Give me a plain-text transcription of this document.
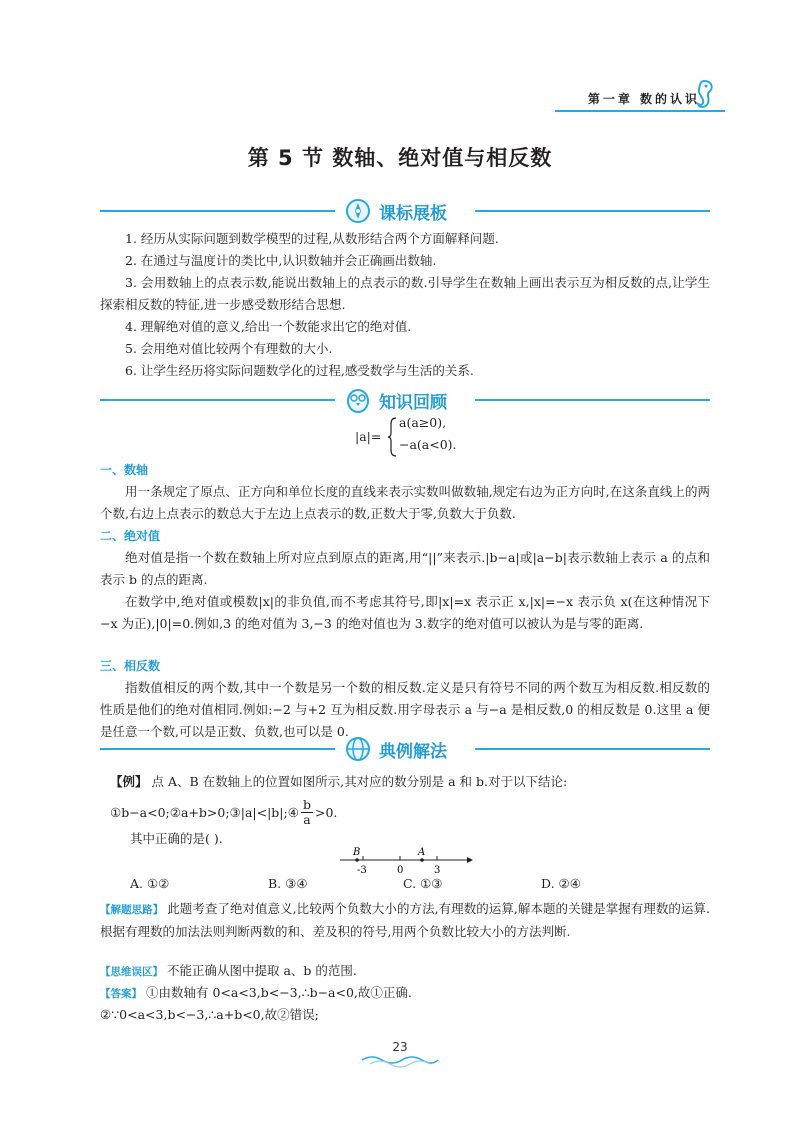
第一章 数的认识
第 5 节 数轴、绝对值与相反数
课标展板
1. 经历从实际问题到数学模型的过程,从数形结合两个方面解释问题.
2. 在通过与温度计的类比中,认识数轴并会正确画出数轴.
3. 会用数轴上的点表示数,能说出数轴上的点表示的数.引导学生在数轴上画出表示互为相反数的点,让学生探索相反数的特征,进一步感受数形结合思想.
4. 理解绝对值的意义,给出一个数能求出它的绝对值.
5. 会用绝对值比较两个有理数的大小.
6. 让学生经历将实际问题数学化的过程,感受数学与生活的关系.
知识回顾
|a|=
a(a≥0),
−a(a<0).
一、数轴
用一条规定了原点、正方向和单位长度的直线来表示实数叫做数轴,规定右边为正方向时,在这条直线上的两个数,右边上点表示的数总大于左边上点表示的数,正数大于零,负数大于负数.
二、绝对值
绝对值是指一个数在数轴上所对应点到原点的距离,用“||”来表示.|b−a|或|a−b|表示数轴上表示 a 的点和表示 b 的点的距离.
在数学中,绝对值或模数|x|的非负值,而不考虑其符号,即|x|=x 表示正 x,|x|=−x 表示负 x(在这种情况下−x 为正),|0|=0.例如,3 的绝对值为 3,−3 的绝对值也为 3.数字的绝对值可以被认为是与零的距离.
三、相反数
指数值相反的两个数,其中一个数是另一个数的相反数.定义是只有符号不同的两个数互为相反数.相反数的性质是他们的绝对值相同.例如:−2 与+2 互为相反数.用字母表示 a 与−a 是相反数,0 的相反数是 0.这里 a 便是任意一个数,可以是正数、负数,也可以是 0.
典例解法
【例】 点 A、B 在数轴上的位置如图所示,其对应的数分别是 a 和 b.对于以下结论:
①b−a<0;②a+b>0;③|a|<|b|;④ $\frac{b}{a} >0$.
其中正确的是( ).
B	A
-3	0	3
A. ①②	B. ③④	C. ①③	D. ②④
【解题思路】 此题考查了绝对值意义,比较两个负数大小的方法,有理数的运算,解本题的关键是掌握有理数的运算.根据有理数的加法法则判断两数的和、差及积的符号,用两个负数比较大小的方法判断.
【思维误区】 不能正确从图中提取 a、b 的范围.
【答案】 ①由数轴有 0<a<3,b<−3,∴b−a<0,故①正确.
②∵0<a<3,b<−3,∴a+b<0,故②错误;
23
